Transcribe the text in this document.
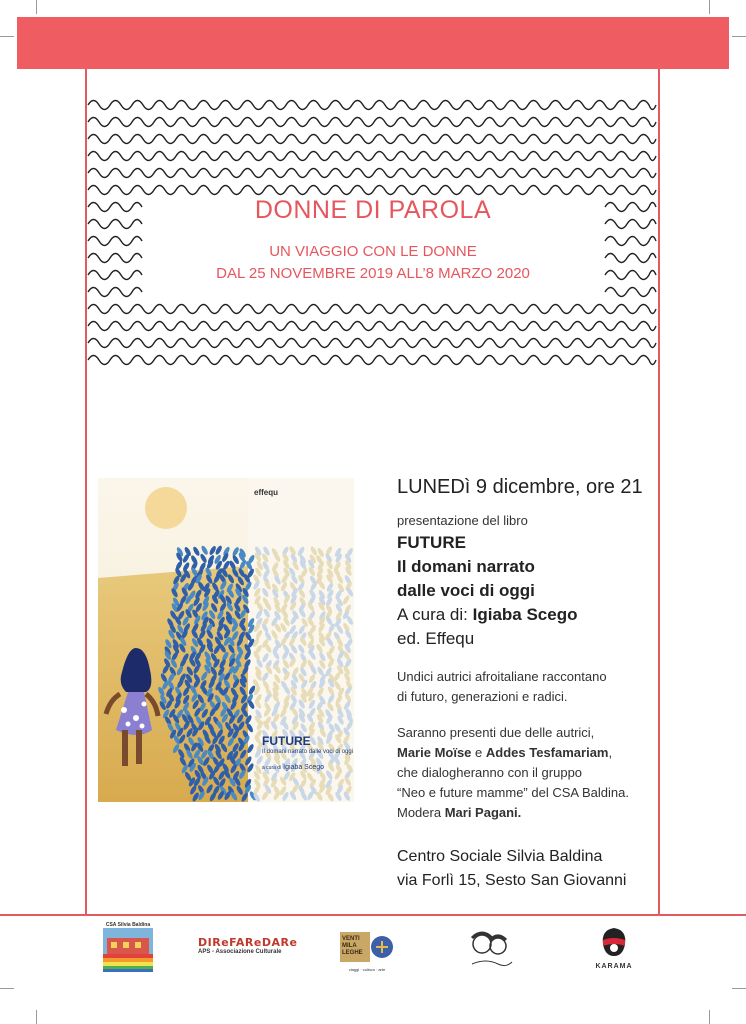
DONNE DI PAROLA
UN VIAGGIO CON LE DONNE
DAL 25 NOVEMBRE 2019 ALL’8 MARZO 2020
effequ
FUTURE
Il domani narrato dalle voci di oggi
a cura di Igiaba Scego
LUNEDì 9 dicembre, ore 21
presentazione del libro
FUTURE
Il domani narrato
dalle voci di oggi
A cura di: Igiaba Scego
ed. Effequ
Undici autrici afroitaliane raccontano
di futuro, generazioni e radici.
Saranno presenti due delle autrici,
Marie Moïse e Addes Tesfamariam,
che dialogheranno con il gruppo
“Neo e future mamme” del CSA Baldina.
Modera Mari Pagani.
Centro Sociale Silvia Baldina
via Forlì 15, Sesto San Giovanni
CSA Silvia Baldina
DIReFAReDARe
APS - Associazione Culturale
VENTI MILA LEGHE
viaggi · cultura · arte	KARAMA
